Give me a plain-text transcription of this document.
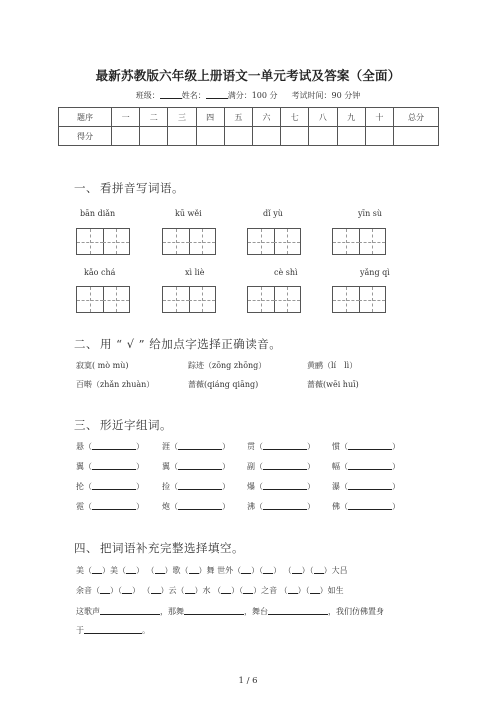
最新苏教版六年级上册语文一单元考试及答案（全面）
班级：	姓名：	满分：100 分 考试时间：90 分钟
题序	一	二	三	四	五	六	七	八	九	十	总分
得分											
一、 看拼音写词语。
bān diǎn	kū wěi	dǐ yù	yīn sù
kǎo chá	xì liè	cè shì	yǎng qì
二、 用 “ √ ” 给加点字选择正确读音。
寂寞( mò mù)	踪迹（zōng zhōng）	黄鹂（lí　lì）
百啭（zhǎn zhuàn）	蔷薇(qiáng qiāng)	蔷薇(wēi huī)
三、 形近字组词。
悬（	） 涯（	） 贯（	） 惯（	）
翼（	） 翼（	） 副（	） 幅（	）
抡（	） 捡（	） 爆（	） 瀑（	）
霓（	） 炮（	） 沸（	） 佛（	）
四、 把词语补充完整选择填空。
美（ ）美（ ） （ ）歌（ ）舞 世外（ ）（ ） （ ）（ ）大吕
余音（ ）（ ） （ ）云（ ）水 （ ）（ ）之音 （ ）（ ）如生
这歌声	，那舞	，舞台	，我们仿佛置身
于	。
1 / 6
